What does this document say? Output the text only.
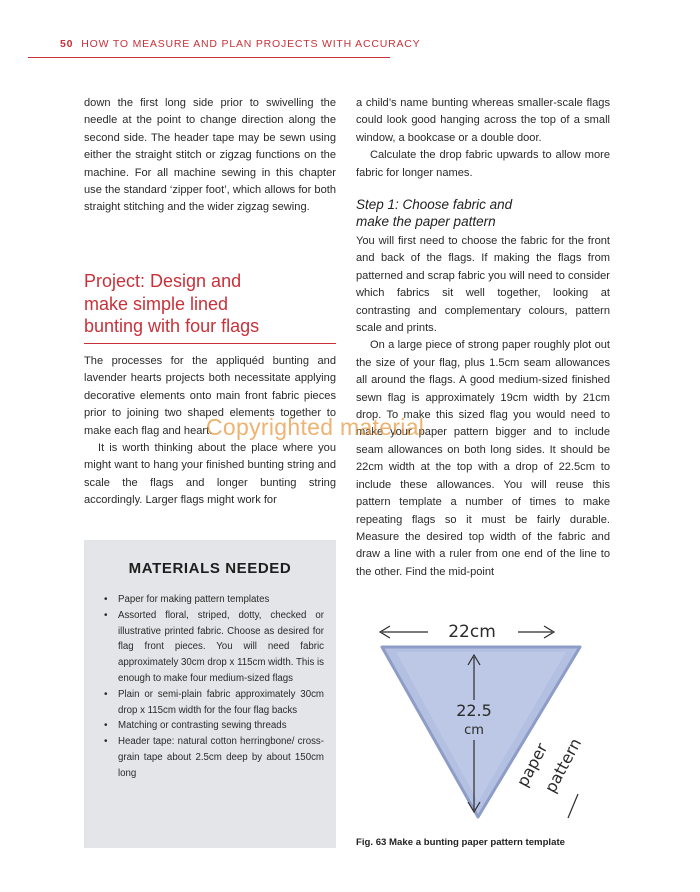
50 HOW TO MEASURE AND PLAN PROJECTS WITH ACCURACY

down the first long side prior to swivelling the needle at the point to change direction along the second side. The header tape may be sewn using either the straight stitch or zigzag functions on the machine. For all machine sewing in this chapter use the standard ‘zipper foot’, which allows for both straight stitching and the wider zigzag sewing.

Project: Design and
make simple lined
bunting with four flags

The processes for the appliquéd bunting and lavender hearts projects both necessitate applying decorative elements onto main front fabric pieces prior to joining two shaped elements together to make each flag and heart.

It is worth thinking about the place where you might want to hang your finished bunting string and scale the flags and longer bunting string accordingly. Larger flags might work for

MATERIALS NEEDED
• Paper for making pattern templates
• Assorted floral, striped, dotty, checked or illustrative printed fabric. Choose as desired for flag front pieces. You will need fabric approximately 30cm drop x 115cm width. This is enough to make four medium-sized flags
• Plain or semi-plain fabric approximately 30cm drop x 115cm width for the four flag backs
• Matching or contrasting sewing threads
• Header tape: natural cotton herringbone/ cross-grain tape about 2.5cm deep by about 150cm long

a child’s name bunting whereas smaller-scale flags could look good hanging across the top of a small window, a bookcase or a double door.

Calculate the drop fabric upwards to allow more fabric for longer names.

Step 1: Choose fabric and
make the paper pattern

You will first need to choose the fabric for the front and back of the flags. If making the flags from patterned and scrap fabric you will need to consider which fabrics sit well together, looking at contrasting and complementary colours, pattern scale and prints.

On a large piece of strong paper roughly plot out the size of your flag, plus 1.5cm seam allowances all around the flags. A good medium-sized finished sewn flag is approximately 19cm width by 21cm drop. To make this sized flag you would need to make your paper pattern bigger and to include seam allowances on both long sides. It should be 22cm width at the top with a drop of 22.5cm to include these allowances. You will reuse this pattern template a number of times to make repeating flags so it must be fairly durable. Measure the desired top width of the fabric and draw a line with a ruler from one end of the line to the other. Find the mid-point

22cm
22.5
cm
paper
pattern
Fig. 63 Make a bunting paper pattern template
Copyrighted material
